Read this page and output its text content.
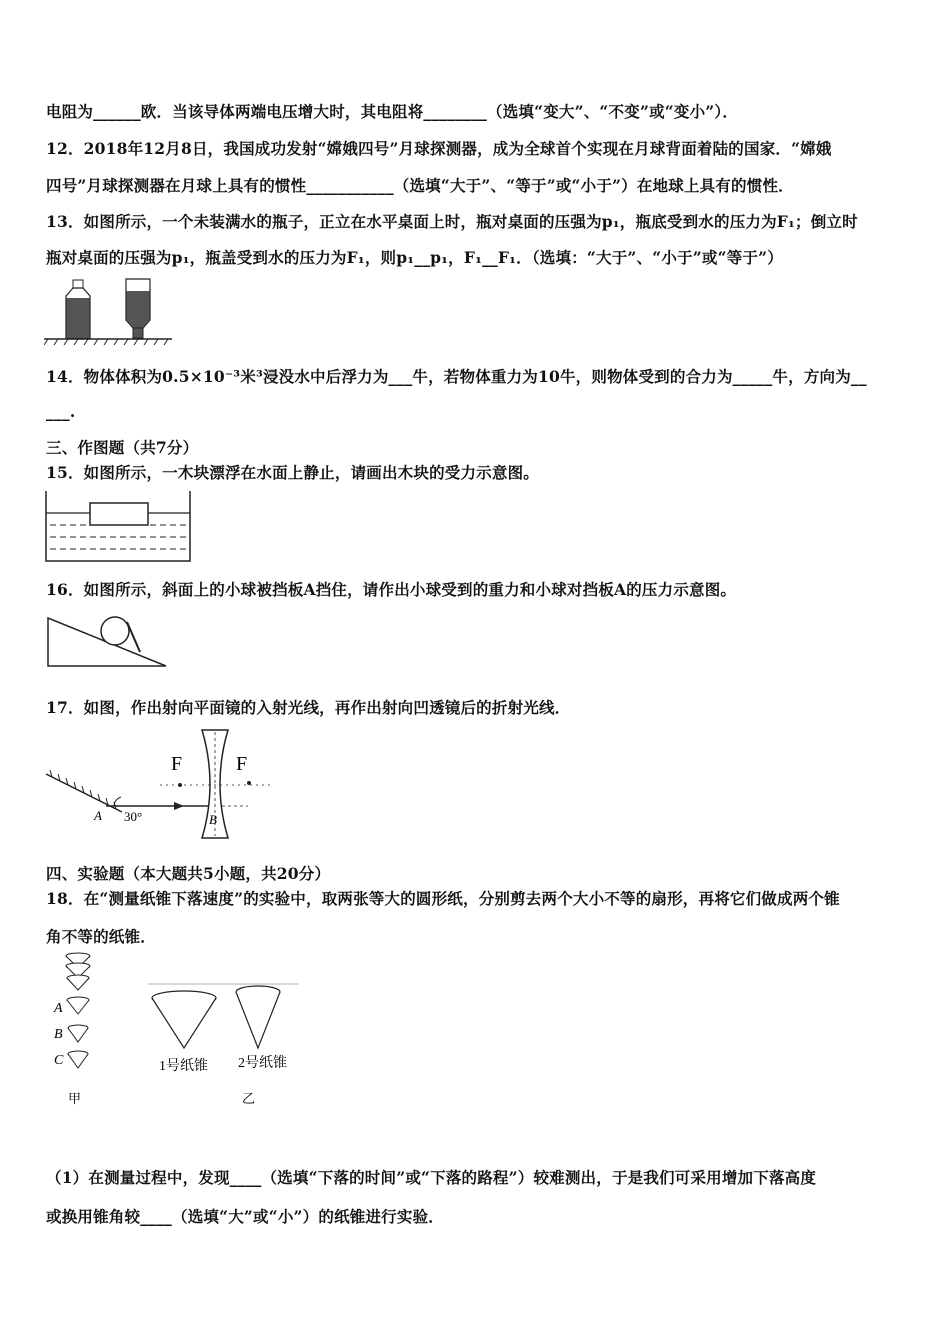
电阻为______欧．当该导体两端电压增大时，其电阻将________（选填“变大”、“不变”或“变小”）．
12．2018年12月8日，我国成功发射“嫦娥四号”月球探测器，成为全球首个实现在月球背面着陆的国家．“嫦娥
四号”月球探测器在月球上具有的惯性___________（选填“大于”、“等于”或“小于”）在地球上具有的惯性．
13．如图所示，一个未装满水的瓶子，正立在水平桌面上时，瓶对桌面的压强为p₁，瓶底受到水的压力为F₁；倒立时
瓶对桌面的压强为p₁，瓶盖受到水的压力为F₁，则p₁__p₁，F₁__F₁．（选填：“大于”、“小于”或“等于”）
14．物体体积为0.5×10⁻³米³浸没水中后浮力为___牛，若物体重力为10牛，则物体受到的合力为_____牛，方向为__
___.
三、作图题（共7分）
15．如图所示，一木块漂浮在水面上静止，请画出木块的受力示意图。
16．如图所示，斜面上的小球被挡板A挡住，请作出小球受到的重力和小球对挡板A的压力示意图。
17．如图，作出射向平面镜的入射光线，再作出射向凹透镜后的折射光线．
F	F
A 30°	B
四、实验题（本大题共5小题，共20分）
18．在“测量纸锥下落速度”的实验中，取两张等大的圆形纸，分别剪去两个大小不等的扇形，再将它们做成两个锥
角不等的纸锥．
A
B
C
甲
1号纸锥 2号纸锥
乙
（1）在测量过程中，发现____（选填“下落的时间”或“下落的路程”）较难测出，于是我们可采用增加下落高度
或换用锥角较____（选填“大”或“小”）的纸锥进行实验．
